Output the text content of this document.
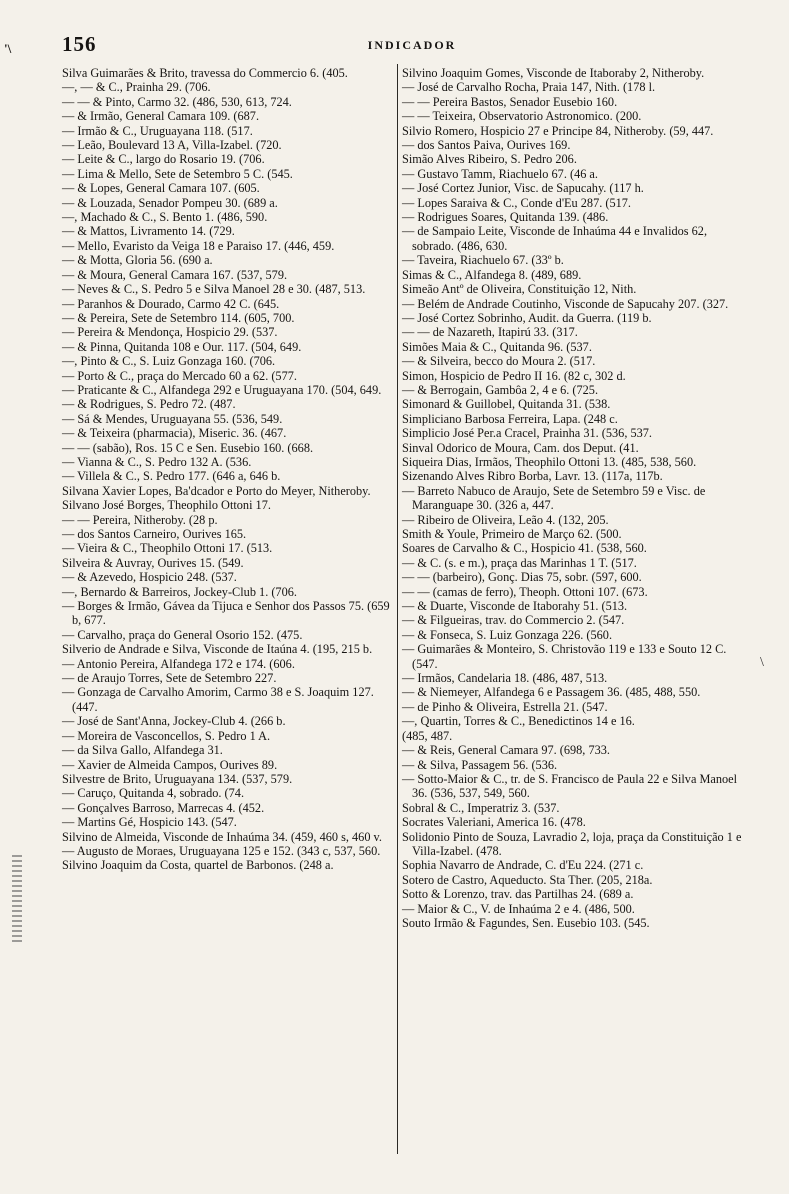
'\ 156	INDICADOR

Silva Guimarães & Brito, travessa do Commercio 6. (405.

—, — & C., Prainha 29. (706.

— — & Pinto, Carmo 32. (486, 530, 613, 724.

— & Irmão, General Camara 109. (687.

— Irmão & C., Uruguayana 118. (517.

— Leão, Boulevard 13 A, Villa-Izabel. (720.

— Leite & C., largo do Rosario 19. (706.

— Lima & Mello, Sete de Setembro 5 C. (545.

— & Lopes, General Camara 107. (605.

— & Louzada, Senador Pompeu 30. (689 a.

—, Machado & C., S. Bento 1. (486, 590.

— & Mattos, Livramento 14. (729.

— Mello, Evaristo da Veiga 18 e Paraiso 17. (446, 459.

— & Motta, Gloria 56. (690 a.

— & Moura, General Camara 167. (537, 579.

— Neves & C., S. Pedro 5 e Silva Manoel 28 e 30. (487, 513.

— Paranhos & Dourado, Carmo 42 C. (645.

— & Pereira, Sete de Setembro 114. (605, 700.

— Pereira & Mendonça, Hospicio 29. (537.

— & Pinna, Quitanda 108 e Our. 117. (504, 649.

—, Pinto & C., S. Luiz Gonzaga 160. (706.

— Porto & C., praça do Mercado 60 a 62. (577.

— Praticante & C., Alfandega 292 e Uruguayana 170. (504, 649.

— & Rodrigues, S. Pedro 72. (487.

— Sá & Mendes, Uruguayana 55. (536, 549.

— & Teixeira (pharmacia), Miseric. 36. (467.

— — (sabão), Ros. 15 C e Sen. Eusebio 160. (668.

— Vianna & C., S. Pedro 132 A. (536.

— Villela & C., S. Pedro 177. (646 a, 646 b.

Silvana Xavier Lopes, Ba'dcador e Porto do Meyer, Nitheroby.

Silvano José Borges, Theophilo Ottoni 17.

— — Pereira, Nitheroby. (28 p.

— dos Santos Carneiro, Ourives 165.

— Vieira & C., Theophilo Ottoni 17. (513.

Silveira & Auvray, Ourives 15. (549.

— & Azevedo, Hospicio 248. (537.

—, Bernardo & Barreiros, Jockey-Club 1. (706.

— Borges & Irmão, Gávea da Tijuca e Senhor dos Passos 75. (659 b, 677.

— Carvalho, praça do General Osorio 152. (475.

Silverio de Andrade e Silva, Visconde de Itaúna 4. (195, 215 b.

— Antonio Pereira, Alfandega 172 e 174. (606.

— de Araujo Torres, Sete de Setembro 227.

— Gonzaga de Carvalho Amorim, Carmo 38 e S. Joaquim 127. (447.

— José de Sant'Anna, Jockey-Club 4. (266 b.

— Moreira de Vasconcellos, S. Pedro 1 A.

— da Silva Gallo, Alfandega 31.

— Xavier de Almeida Campos, Ourives 89.

Silvestre de Brito, Uruguayana 134. (537, 579.

— Caruço, Quitanda 4, sobrado. (74.

— Gonçalves Barroso, Marrecas 4. (452.

— Martins Gé, Hospicio 143. (547.

Silvino de Almeida, Visconde de Inhaúma 34. (459, 460 s, 460 v.

— Augusto de Moraes, Uruguayana 125 e 152. (343 c, 537, 560.

Silvino Joaquim da Costa, quartel de Barbonos. (248 a.

Silvino Joaquim Gomes, Visconde de Itaboraby 2, Nitheroby.

— José de Carvalho Rocha, Praia 147, Nith. (178 l.

— — Pereira Bastos, Senador Eusebio 160.

— — Teixeira, Observatorio Astronomico. (200.

Silvio Romero, Hospicio 27 e Principe 84, Nitheroby. (59, 447.

— dos Santos Paiva, Ourives 169.

Simão Alves Ribeiro, S. Pedro 206.

— Gustavo Tamm, Riachuelo 67. (46 a.

— José Cortez Junior, Visc. de Sapucahy. (117 h.

— Lopes Saraiva & C., Conde d'Eu 287. (517.

— Rodrigues Soares, Quitanda 139. (486.

— de Sampaio Leite, Visconde de Inhaúma 44 e Invalidos 62, sobrado. (486, 630.

— Taveira, Riachuelo 67. (33º b.

Simas & C., Alfandega 8. (489, 689.

Simeão Antº de Oliveira, Constituição 12, Nith.

— Belém de Andrade Coutinho, Visconde de Sapucahy 207. (327.

— José Cortez Sobrinho, Audit. da Guerra. (119 b.

— — de Nazareth, Itapirú 33. (317.

Simões Maia & C., Quitanda 96. (537.

— & Silveira, becco do Moura 2. (517.

Simon, Hospicio de Pedro II 16. (82 c, 302 d.

— & Berrogain, Gambôa 2, 4 e 6. (725.

Simonard & Guillobel, Quitanda 31. (538.

Simpliciano Barbosa Ferreira, Lapa. (248 c.

Simplicio José Per.a Cracel, Prainha 31. (536, 537.

Sinval Odorico de Moura, Cam. dos Deput. (41.

Siqueira Dias, Irmãos, Theophilo Ottoni 13. (485, 538, 560.

Sizenando Alves Ribro Borba, Lavr. 13. (117a, 117b.

— Barreto Nabuco de Araujo, Sete de Setembro 59 e Visc. de Maranguape 30. (326 a, 447.

— Ribeiro de Oliveira, Leão 4. (132, 205.

Smith & Youle, Primeiro de Março 62. (500.

Soares de Carvalho & C., Hospicio 41. (538, 560.

— & C. (s. e m.), praça das Marinhas 1 T. (517.

— — (barbeiro), Gonç. Dias 75, sobr. (597, 600.

— — (camas de ferro), Theoph. Ottoni 107. (673.

— & Duarte, Visconde de Itaborahy 51. (513.

— & Filgueiras, trav. do Commercio 2. (547.

— & Fonseca, S. Luiz Gonzaga 226. (560.

— Guimarães & Monteiro, S. Christovão 119 e 133 e Souto 12 C. (547.

— Irmãos, Candelaria 18. (486, 487, 513.

— & Niemeyer, Alfandega 6 e Passagem 36. (485, 488, 550.

— de Pinho & Oliveira, Estrella 21. (547.

—, Quartin, Torres & C., Benedictinos 14 e 16.

(485, 487.

— & Reis, General Camara 97. (698, 733.

— & Silva, Passagem 56. (536.

— Sotto-Maior & C., tr. de S. Francisco de Paula 22 e Silva Manoel 36. (536, 537, 549, 560.

Sobral & C., Imperatriz 3. (537.

Socrates Valeriani, America 16. (478.

Solidonio Pinto de Souza, Lavradio 2, loja, praça da Constituição 1 e Villa-Izabel. (478.

Sophia Navarro de Andrade, C. d'Eu 224. (271 c.

Sotero de Castro, Aqueducto. Sta Ther. (205, 218a.

Sotto & Lorenzo, trav. das Partilhas 24. (689 a.

— Maior & C., V. de Inhaúma 2 e 4. (486, 500.

Souto Irmão & Fagundes, Sen. Eusebio 103. (545.

\
